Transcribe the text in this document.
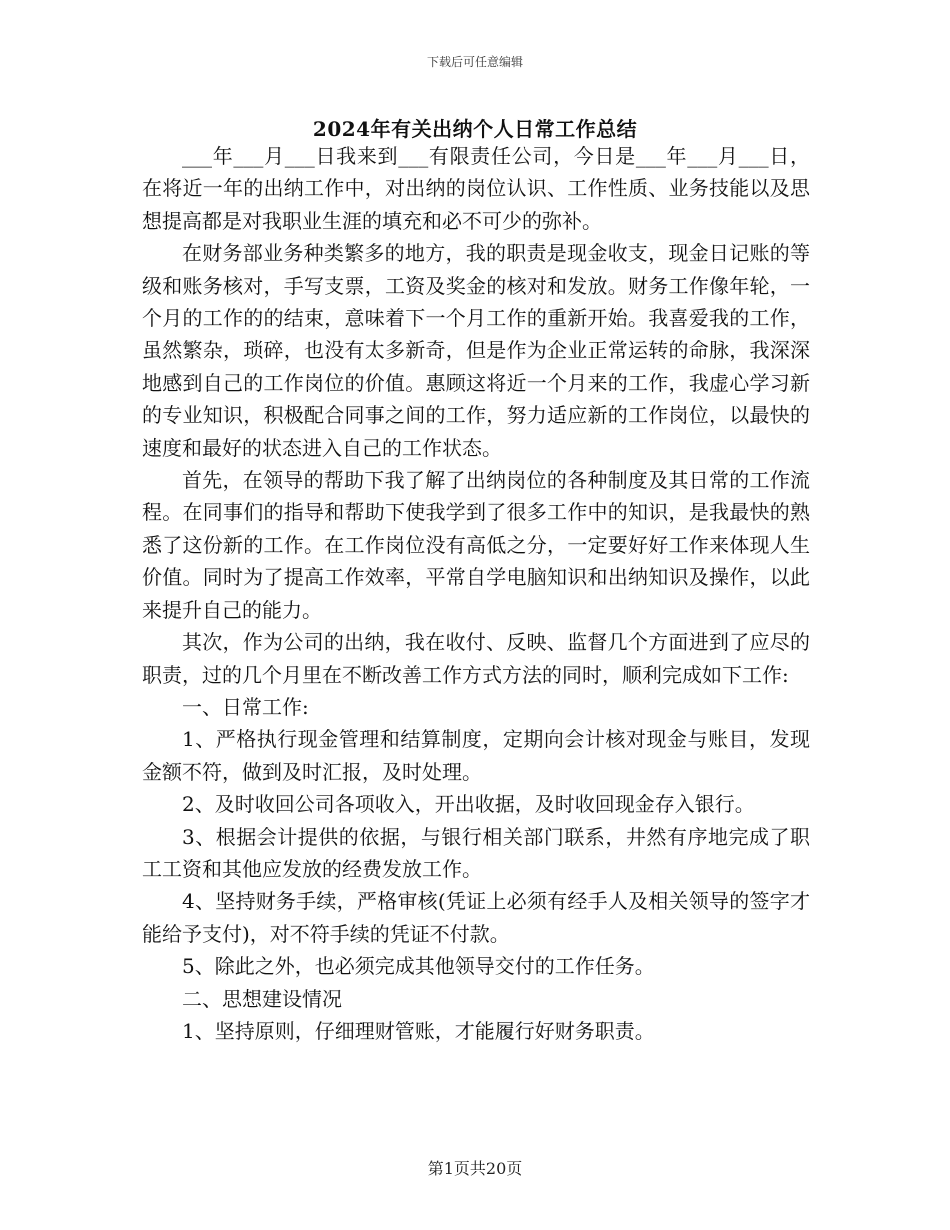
下载后可任意编辑
2024年有关出纳个人日常工作总结

___年___月___日我来到___有限责任公司，今日是___年___月___日，在将近一年的出纳工作中，对出纳的岗位认识、工作性质、业务技能以及思想提高都是对我职业生涯的填充和必不可少的弥补。

在财务部业务种类繁多的地方，我的职责是现金收支，现金日记账的等级和账务核对，手写支票，工资及奖金的核对和发放。财务工作像年轮，一个月的工作的的结束，意味着下一个月工作的重新开始。我喜爱我的工作，虽然繁杂，琐碎，也没有太多新奇，但是作为企业正常运转的命脉，我深深地感到自己的工作岗位的价值。惠顾这将近一个月来的工作，我虚心学习新的专业知识，积极配合同事之间的工作，努力适应新的工作岗位，以最快的速度和最好的状态进入自己的工作状态。

首先，在领导的帮助下我了解了出纳岗位的各种制度及其日常的工作流程。在同事们的指导和帮助下使我学到了很多工作中的知识，是我最快的熟悉了这份新的工作。在工作岗位没有高低之分，一定要好好工作来体现人生价值。同时为了提高工作效率，平常自学电脑知识和出纳知识及操作，以此来提升自己的能力。

其次，作为公司的出纳，我在收付、反映、监督几个方面进到了应尽的职责，过的几个月里在不断改善工作方式方法的同时，顺利完成如下工作:

一、日常工作:

1、严格执行现金管理和结算制度，定期向会计核对现金与账目，发现金额不符，做到及时汇报，及时处理。

2、及时收回公司各项收入，开出收据，及时收回现金存入银行。

3、根据会计提供的依据，与银行相关部门联系，井然有序地完成了职工工资和其他应发放的经费发放工作。

4、坚持财务手续，严格审核(凭证上必须有经手人及相关领导的签字才能给予支付)，对不符手续的凭证不付款。

5、除此之外，也必须完成其他领导交付的工作任务。

二、思想建设情况

1、坚持原则，仔细理财管账，才能履行好财务职责。

第1页共20页
